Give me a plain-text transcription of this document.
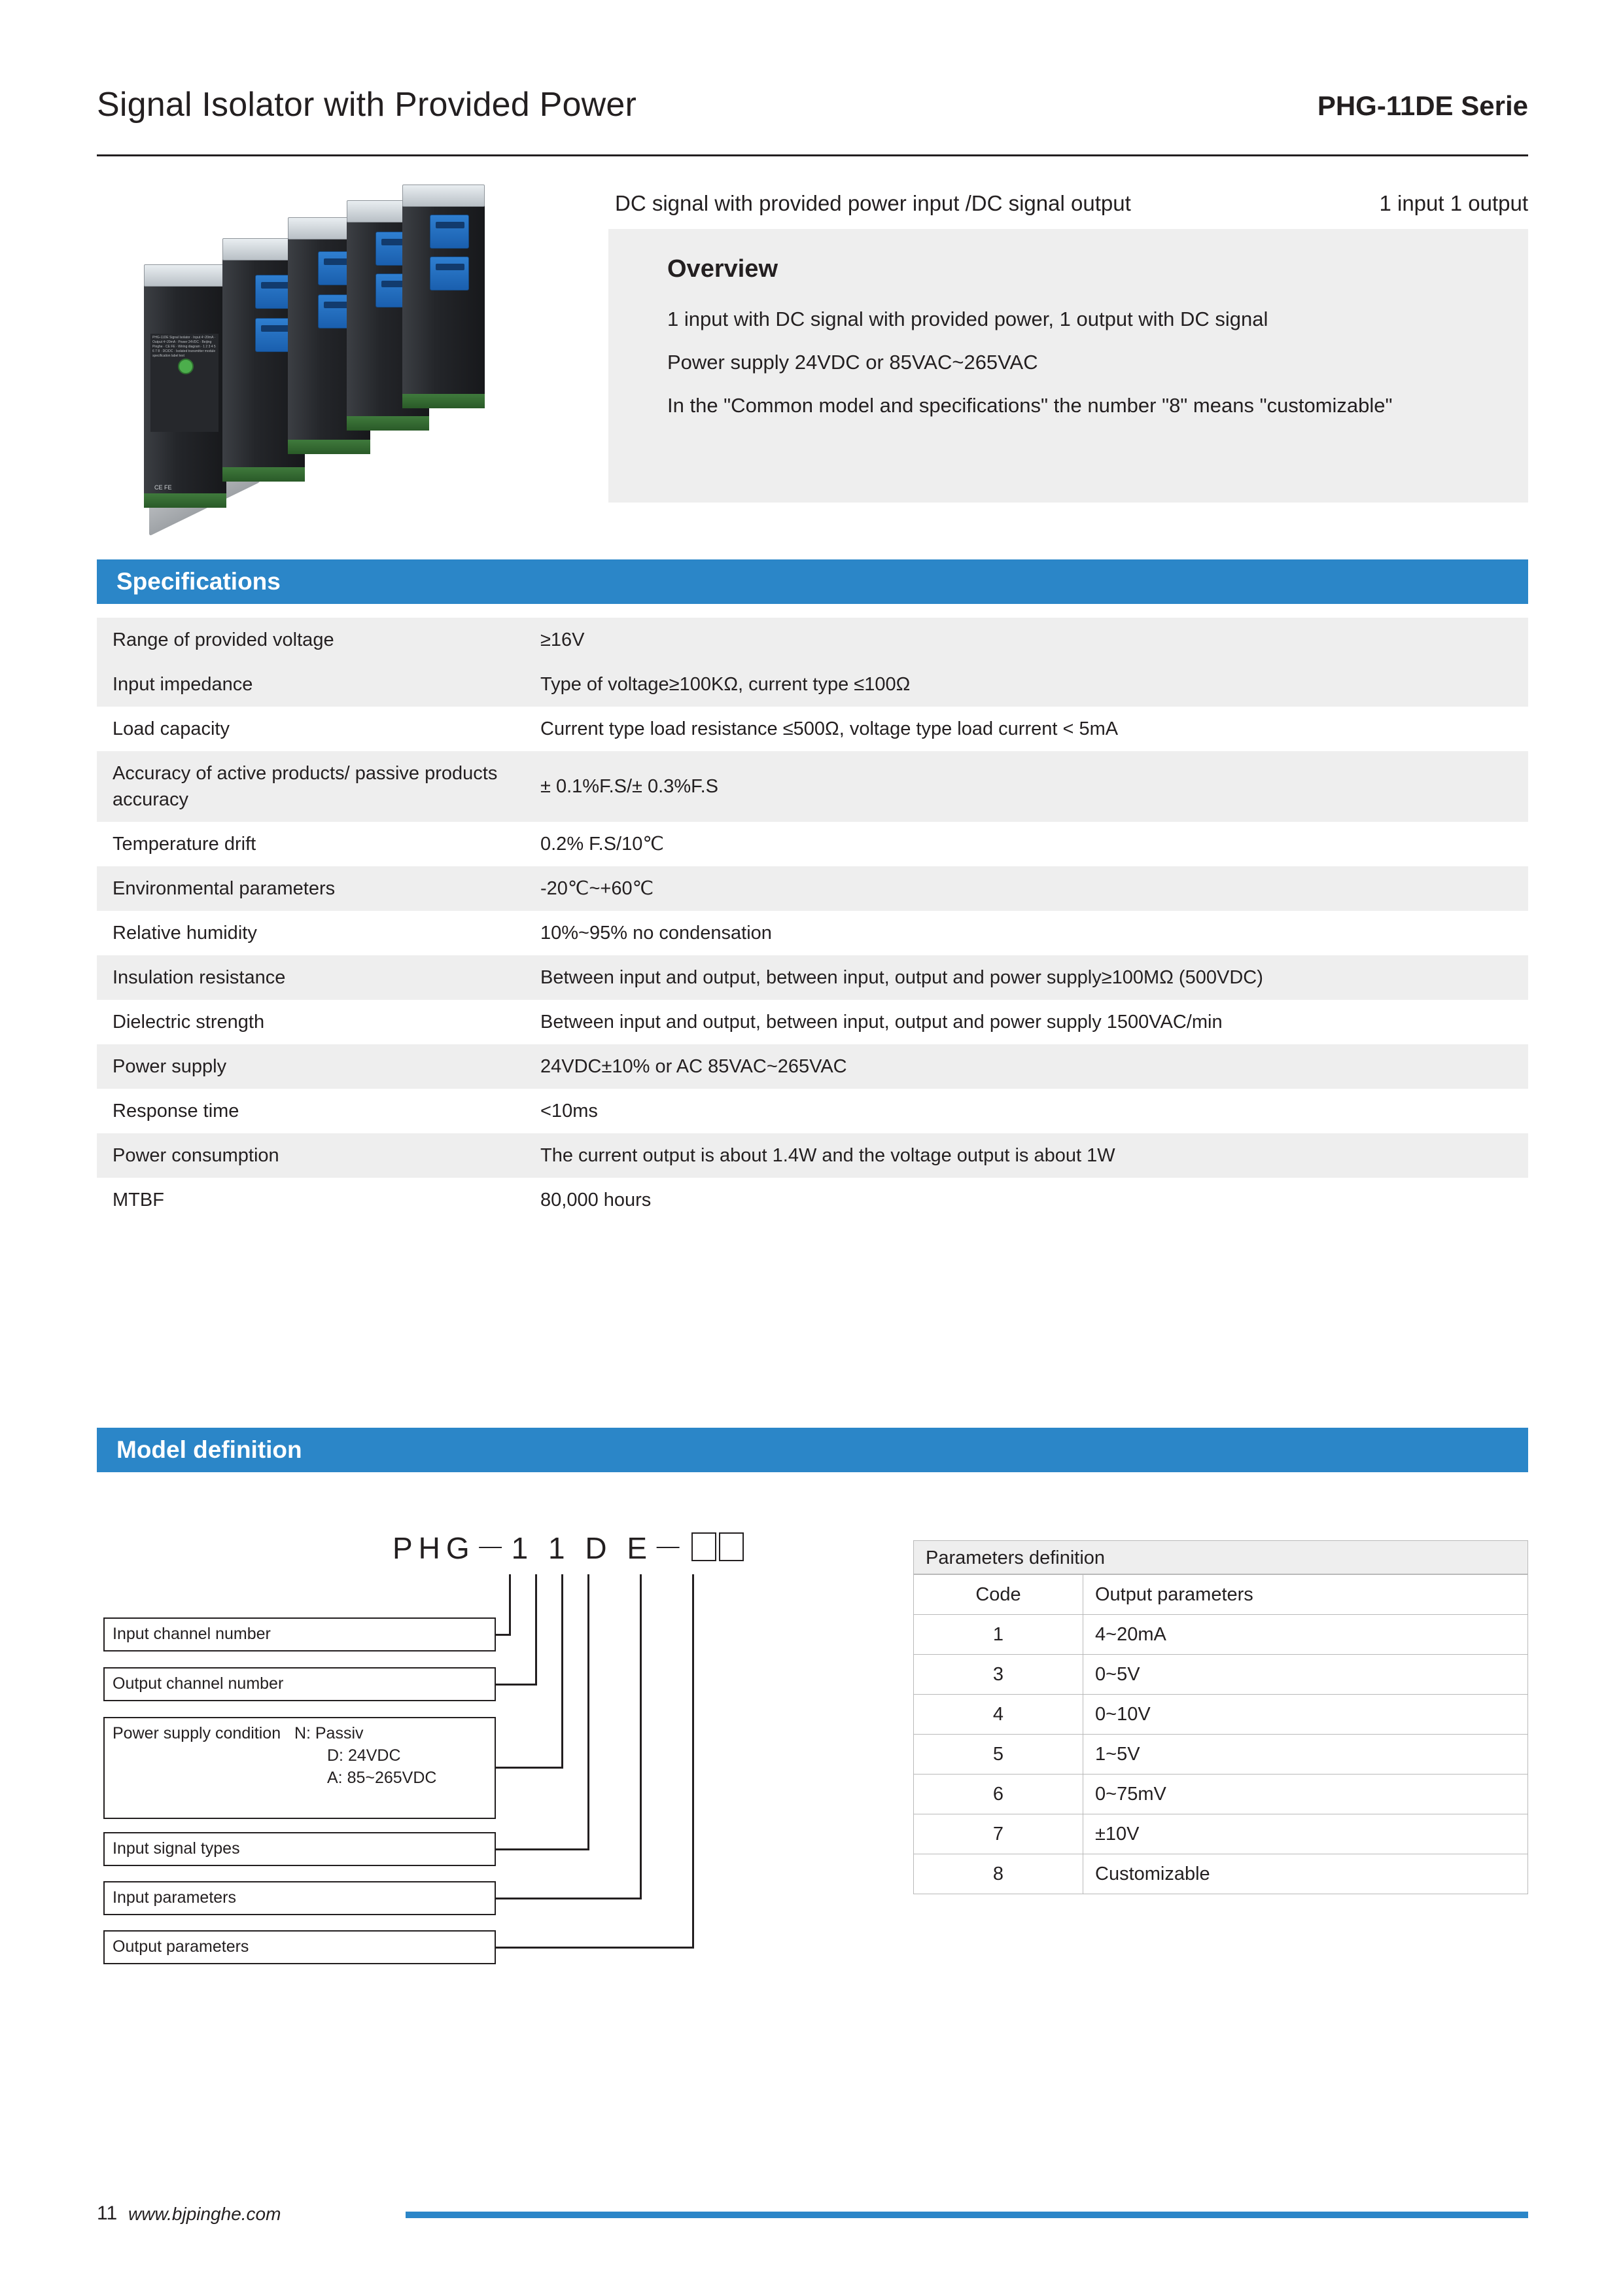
Signal Isolator with Provided Power	PHG-11DE Serie
PHG-11DE Signal Isolator · Input 4~20mA · Output 4~20mA · Power 24VDC · Beijing Pinghe · CE FE · Wiring diagram · 1 2 3 4 5 6 7 8 · DC/DC · Isolated transmitter module specification label text
CE FE
DC signal with provided power input /DC signal output	1 input 1 output
Overview
1 input with DC signal with provided power, 1 output with DC signal
Power supply 24VDC or 85VAC~265VAC
In the "Common model and specifications" the number "8" means "customizable"
Specifications
Range of provided voltage	≥16V
Input impedance	Type of voltage≥100KΩ, current type ≤100Ω
Load capacity	Current type load resistance ≤500Ω, voltage type load current < 5mA
Accuracy of active products/ passive products accuracy	± 0.1%F.S/± 0.3%F.S
Temperature drift	0.2% F.S/10℃
Environmental parameters	-20℃~+60℃
Relative humidity	10%~95% no condensation
Insulation resistance	Between input and output, between input, output and power supply≥100MΩ (500VDC)
Dielectric strength	Between input and output, between input, output and power supply 1500VAC/min
Power supply	24VDC±10% or AC 85VAC~265VAC
Response time	<10ms
Power consumption	The current output is about 1.4W and the voltage output is about 1W
MTBF	80,000 hours
Model definition
PHG－1 1 D E－
Input channel number
Output channel number
Power supply condition N: Passiv
D: 24VDC
A: 85~265VDC
Input signal types
Input parameters
Output parameters
Parameters definition
Code	Output parameters
1	4~20mA
3	0~5V
4	0~10V
5	1~5V
6	0~75mV
7	±10V
8	Customizable
11 www.bjpinghe.com
